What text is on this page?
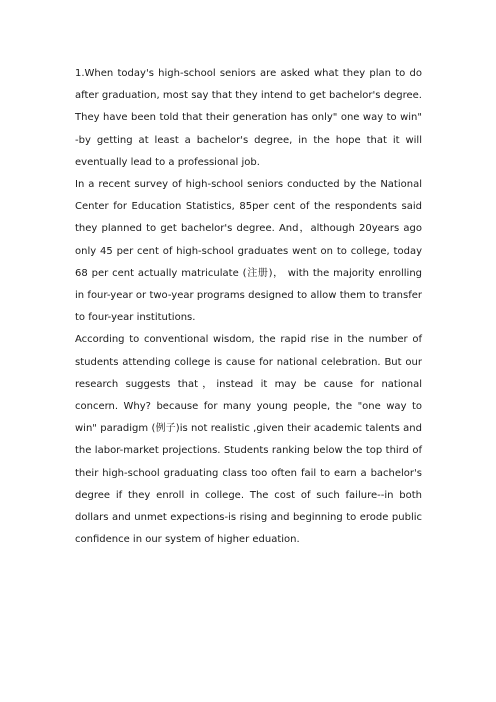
1.When today's high-school seniors are asked what they plan to do after graduation, most say that they intend to get bachelor's degree. They have been told that their generation has only" one way to win" -by getting at least a bachelor's degree, in the hope that it will eventually lead to a professional job.

In a recent survey of high-school seniors conducted by the National Center for Education Statistics, 85per cent of the respondents said they planned to get bachelor's degree. And，although 20years ago only 45 per cent of high-school graduates went on to college, today 68 per cent actually matriculate (注册)， with the majority enrolling in four-year or two-year programs designed to allow them to transfer to four-year institutions.

According to conventional wisdom, the rapid rise in the number of students attending college is cause for national celebration. But our research suggests that，instead it may be cause for national concern. Why? because for many young people, the "one way to win" paradigm (例子)is not realistic ,given their academic talents and the labor-market projections. Students ranking below the top third of their high-school graduating class too often fail to earn a bachelor's degree if they enroll in college. The cost of such failure--in both dollars and unmet expections-is rising and beginning to erode public confidence in our system of higher eduation.
